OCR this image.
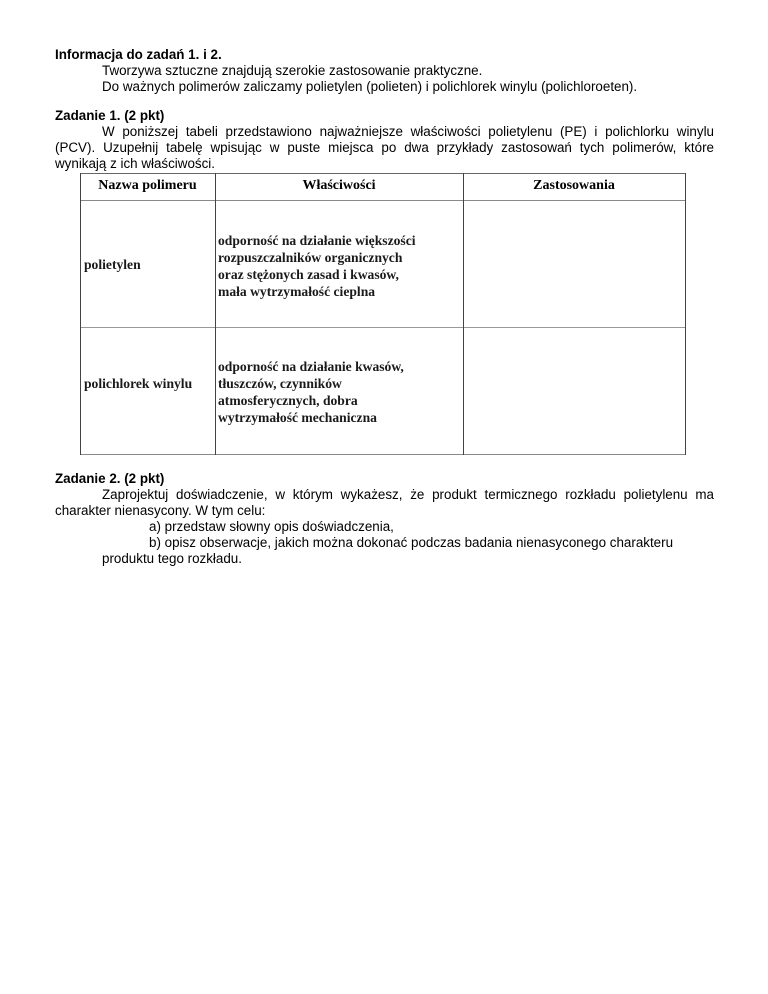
Informacja do zadań 1. i 2.

Tworzywa sztuczne znajdują szerokie zastosowanie praktyczne.

Do ważnych polimerów zaliczamy polietylen (polieten) i polichlorek winylu (polichloroeten).

Zadanie 1. (2 pkt)

W poniższej tabeli przedstawiono najważniejsze właściwości polietylenu (PE) i polichlorku winylu

(PCV). Uzupełnij tabelę wpisując w puste miejsca po dwa przykłady zastosowań tych polimerów, które

wynikają z ich właściwości.

Nazwa polimeru	Właściwości	Zastosowania

polietylen

odporność na działanie większości

rozpuszczalników organicznych

oraz stężonych zasad i kwasów,

mała wytrzymałość cieplna

polichlorek winylu

odporność na działanie kwasów,

tłuszczów, czynników

atmosferycznych, dobra

wytrzymałość mechaniczna

Zadanie 2. (2 pkt)

Zaprojektuj doświadczenie, w którym wykażesz, że produkt termicznego rozkładu polietylenu ma

charakter nienasycony. W tym celu:

a) przedstaw słowny opis doświadczenia,

b) opisz obserwacje, jakich można dokonać podczas badania nienasyconego charakteru

produktu tego rozkładu.
